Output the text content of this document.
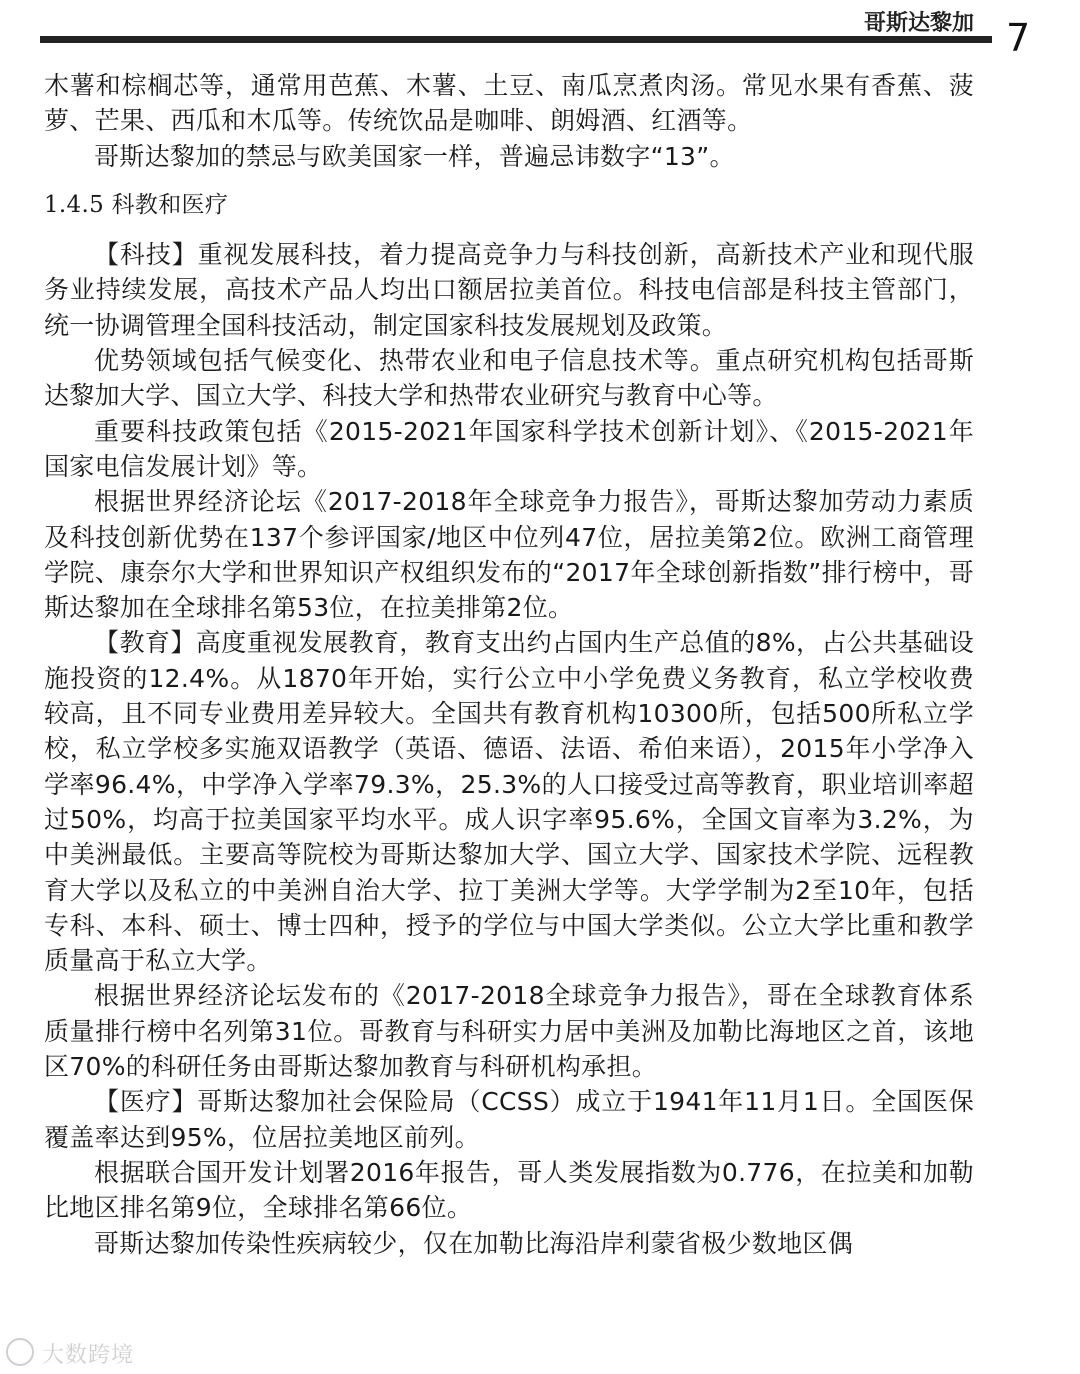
哥斯达黎加 7

木薯和棕榈芯等，通常用芭蕉、木薯、土豆、南瓜烹煮肉汤。常见水果有香蕉、菠萝、芒果、西瓜和木瓜等。传统饮品是咖啡、朗姆酒、红酒等。

哥斯达黎加的禁忌与欧美国家一样，普遍忌讳数字“13”。

1.4.5 科教和医疗

【科技】重视发展科技，着力提高竞争力与科技创新，高新技术产业和现代服务业持续发展，高技术产品人均出口额居拉美首位。科技电信部是科技主管部门，统一协调管理全国科技活动，制定国家科技发展规划及政策。

优势领域包括气候变化、热带农业和电子信息技术等。重点研究机构包括哥斯达黎加大学、国立大学、科技大学和热带农业研究与教育中心等。

重要科技政策包括《2015-2021年国家科学技术创新计划》、《2015-2021年国家电信发展计划》等。

根据世界经济论坛《2017-2018年全球竞争力报告》，哥斯达黎加劳动力素质及科技创新优势在137个参评国家/地区中位列47位，居拉美第2位。欧洲工商管理学院、康奈尔大学和世界知识产权组织发布的“2017年全球创新指数”排行榜中，哥斯达黎加在全球排名第53位，在拉美排第2位。

【教育】高度重视发展教育，教育支出约占国内生产总值的8%，占公共基础设施投资的12.4%。从1870年开始，实行公立中小学免费义务教育，私立学校收费较高，且不同专业费用差异较大。全国共有教育机构10300所，包括500所私立学校，私立学校多实施双语教学（英语、德语、法语、希伯来语），2015年小学净入学率96.4%，中学净入学率79.3%，25.3%的人口接受过高等教育，职业培训率超过50%，均高于拉美国家平均水平。成人识字率95.6%，全国文盲率为3.2%，为中美洲最低。主要高等院校为哥斯达黎加大学、国立大学、国家技术学院、远程教育大学以及私立的中美洲自治大学、拉丁美洲大学等。大学学制为2至10年，包括专科、本科、硕士、博士四种，授予的学位与中国大学类似。公立大学比重和教学质量高于私立大学。

根据世界经济论坛发布的《2017-2018全球竞争力报告》，哥在全球教育体系质量排行榜中名列第31位。哥教育与科研实力居中美洲及加勒比海地区之首，该地区70%的科研任务由哥斯达黎加教育与科研机构承担。

【医疗】哥斯达黎加社会保险局（CCSS）成立于1941年11月1日。全国医保覆盖率达到95%，位居拉美地区前列。

根据联合国开发计划署2016年报告，哥人类发展指数为0.776，在拉美和加勒比地区排名第9位，全球排名第66位。

哥斯达黎加传染性疾病较少，仅在加勒比海沿岸利蒙省极少数地区偶

大数跨境
